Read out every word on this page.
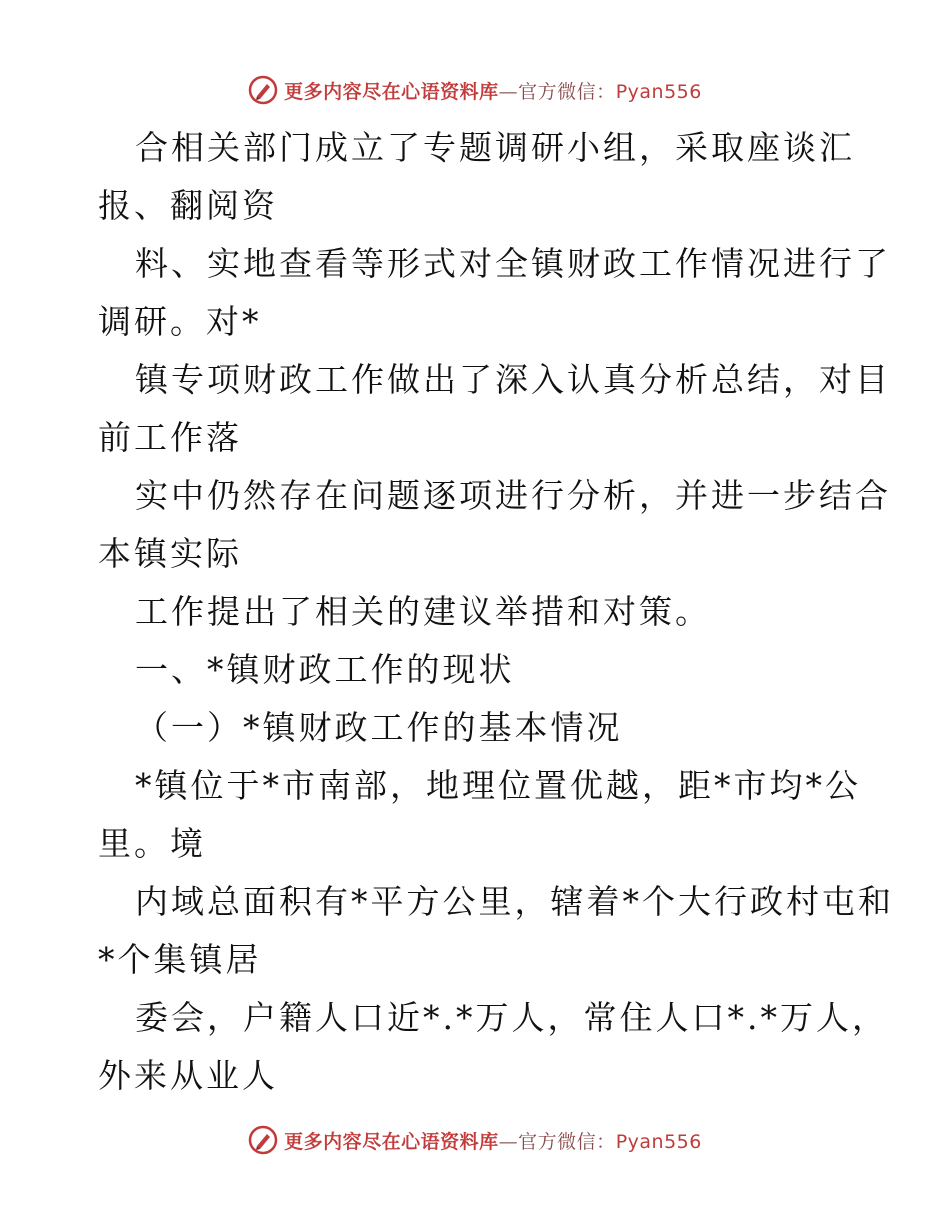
更多内容尽在心语资料库—官方微信：Pyan556
合相关部门成立了专题调研小组，采取座谈汇
报、翻阅资
料、实地查看等形式对全镇财政工作情况进行了
调研。对*
镇专项财政工作做出了深入认真分析总结，对目
前工作落
实中仍然存在问题逐项进行分析，并进一步结合
本镇实际
工作提出了相关的建议举措和对策。
一、*镇财政工作的现状
（一）*镇财政工作的基本情况
*镇位于*市南部，地理位置优越，距*市均*公
里。境
内域总面积有*平方公里，辖着*个大行政村屯和
*个集镇居
委会，户籍人口近*.*万人，常住人口*.*万人，
外来从业人
更多内容尽在心语资料库—官方微信：Pyan556
